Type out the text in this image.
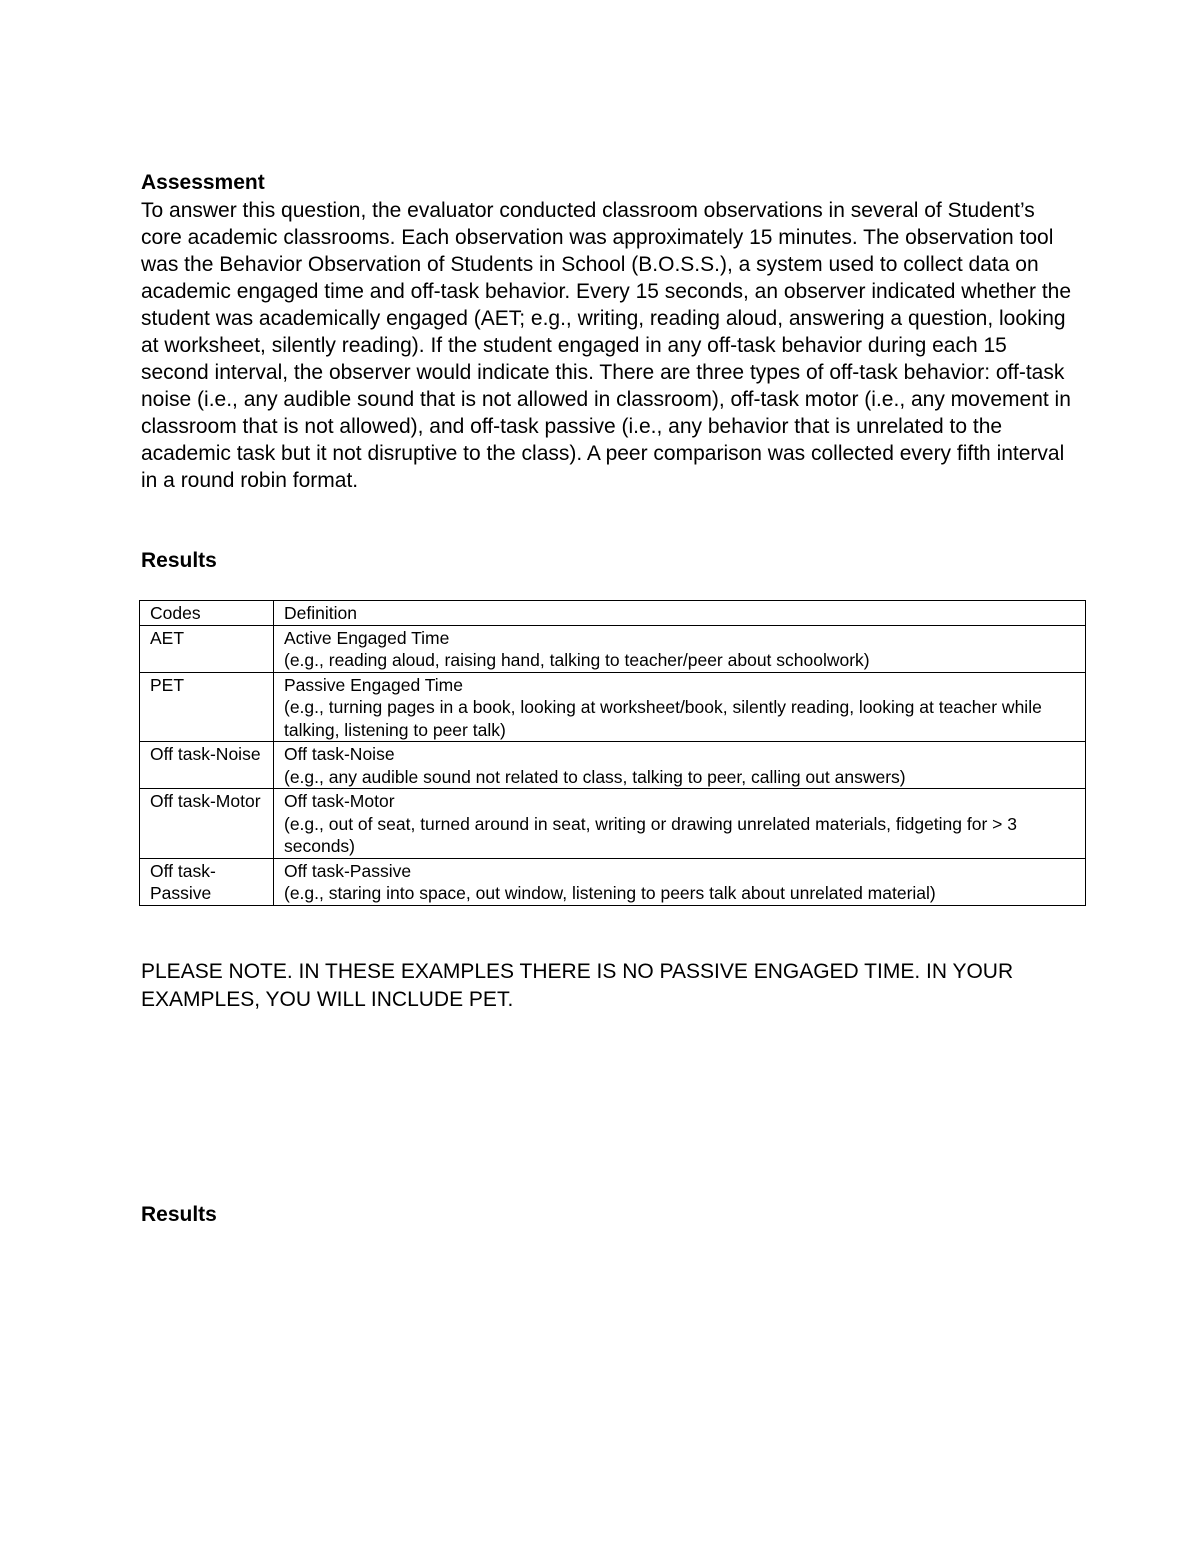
Assessment

To answer this question, the evaluator conducted classroom observations in several of Student’s core academic classrooms. Each observation was approximately 15 minutes. The observation tool was the Behavior Observation of Students in School (B.O.S.S.), a system used to collect data on academic engaged time and off-task behavior. Every 15 seconds, an observer indicated whether the student was academically engaged (AET; e.g., writing, reading aloud, answering a question, looking at worksheet, silently reading). If the student engaged in any off-task behavior during each 15 second interval, the observer would indicate this. There are three types of off-task behavior: off-task noise (i.e., any audible sound that is not allowed in classroom), off-task motor (i.e., any movement in classroom that is not allowed), and off-task passive (i.e., any behavior that is unrelated to the academic task but it not disruptive to the class). A peer comparison was collected every fifth interval in a round robin format.

Results
Codes	Definition
AET	Active Engaged Time
(e.g., reading aloud, raising hand, talking to teacher/peer about schoolwork)

PET	Passive Engaged Time
(e.g., turning pages in a book, looking at worksheet/book, silently reading, looking at teacher while talking, listening to peer talk)

Off task-Noise	Off task-Noise
(e.g., any audible sound not related to class, talking to peer, calling out answers)

Off task-Motor	Off task-Motor
(e.g., out of seat, turned around in seat, writing or drawing unrelated materials, fidgeting for > 3 seconds)

Off task-Passive	Off task-Passive
(e.g., staring into space, out window, listening to peers talk about unrelated material)

PLEASE NOTE. IN THESE EXAMPLES THERE IS NO PASSIVE ENGAGED TIME. IN YOUR EXAMPLES, YOU WILL INCLUDE PET.

Results
